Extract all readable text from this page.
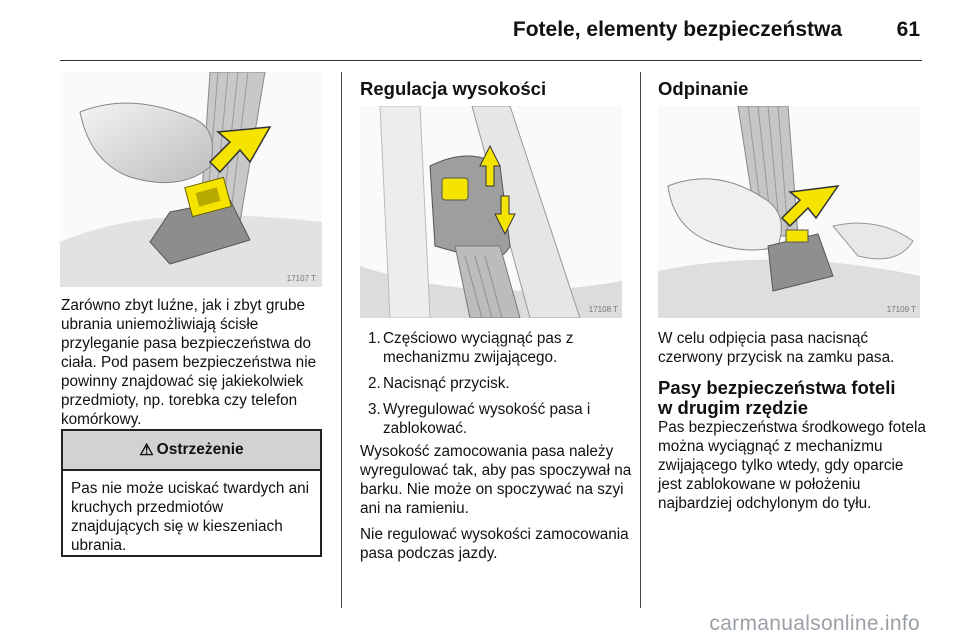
Fotele, elementy bezpieczeństwa	61
17107 T

Zarówno zbyt luźne, jak i zbyt grube ubrania uniemożliwiają ścisłe przyleganie pasa bezpieczeństwa do ciała. Pod pasem bezpieczeństwa nie powinny znajdować się jakiekolwiek przedmioty, np. torebka czy telefon komórkowy.

⚠ Ostrzeżenie
Pas nie może uciskać twardych ani kruchych przedmiotów znajdujących się w kieszeniach ubrania.

Regulacja wysokości

17108 T
1. Częściowo wyciągnąć pas z mechanizmu zwijającego.
2. Nacisnąć przycisk.
3. Wyregulować wysokość pasa i zablokować.

Wysokość zamocowania pasa należy wyregulować tak, aby pas spoczywał na barku. Nie może on spoczywać na szyi ani na ramieniu.

Nie regulować wysokości zamocowania pasa podczas jazdy.

Odpinanie

17109 T

W celu odpięcia pasa nacisnąć czerwony przycisk na zamku pasa.

Pasy bezpieczeństwa foteli

w drugim rzędzie

Pas bezpieczeństwa środkowego fotela można wyciągnąć z mechanizmu zwijającego tylko wtedy, gdy oparcie jest zablokowane w położeniu najbardziej odchylonym do tyłu.

carmanualsonline.info
